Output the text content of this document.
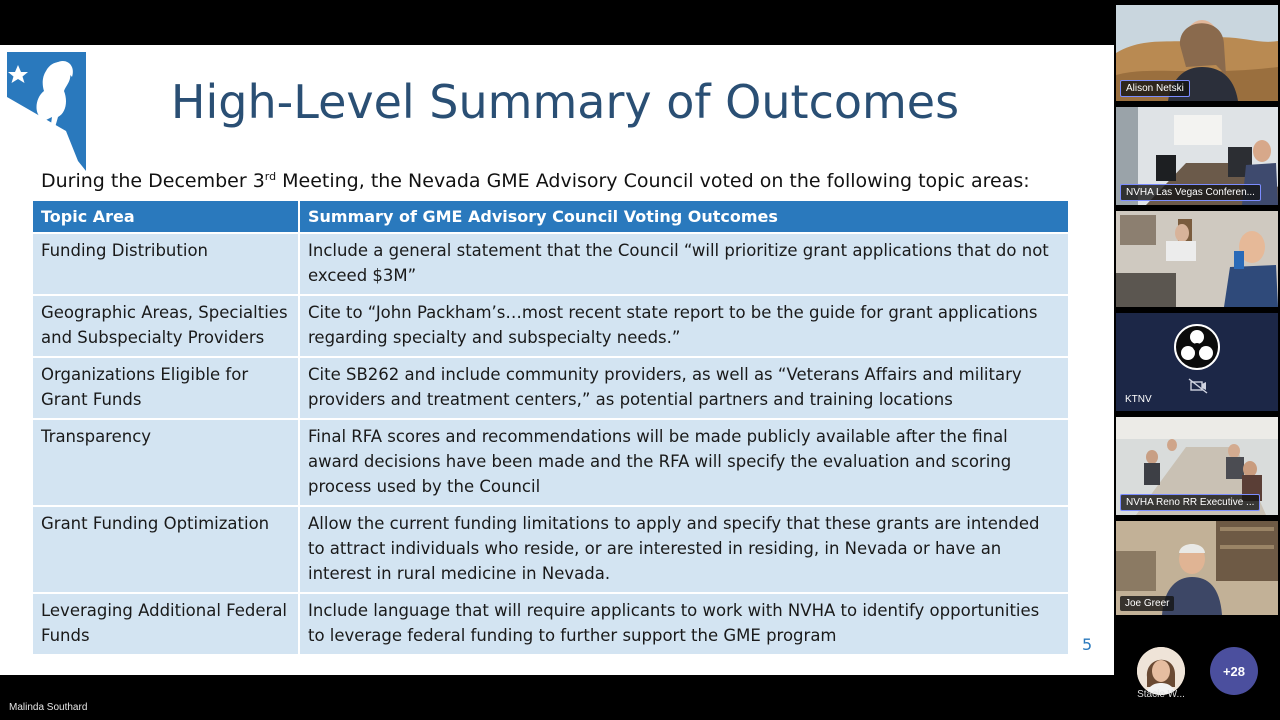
High-Level Summary of Outcomes
During the December 3rd Meeting, the Nevada GME Advisory Council voted on the following topic areas:
Topic Area	Summary of GME Advisory Council Voting Outcomes
Funding Distribution	Include a general statement that the Council “will prioritize grant applications that do not exceed $3M”
Geographic Areas, Specialties and Subspecialty Providers	Cite to “John Packham’s…most recent state report to be the guide for grant applications regarding specialty and subspecialty needs.”
Organizations Eligible for Grant Funds	Cite SB262 and include community providers, as well as “Veterans Affairs and military providers and treatment centers,” as potential partners and training locations
Transparency	Final RFA scores and recommendations will be made publicly available after the final award decisions have been made and the RFA will specify the evaluation and scoring process used by the Council
Grant Funding Optimization	Allow the current funding limitations to apply and specify that these grants are intended to attract individuals who reside, or are interested in residing, in Nevada or have an interest in rural medicine in Nevada.
Leveraging Additional Federal Funds	Include language that will require applicants to work with NVHA to identify opportunities to leverage federal funding to further support the GME program	5
Alison Netski
NVHA Las Vegas Conferen...
KTNV
NVHA Reno RR Executive ...
Joe Greer
Malinda Southard
Stacie W...
+28
